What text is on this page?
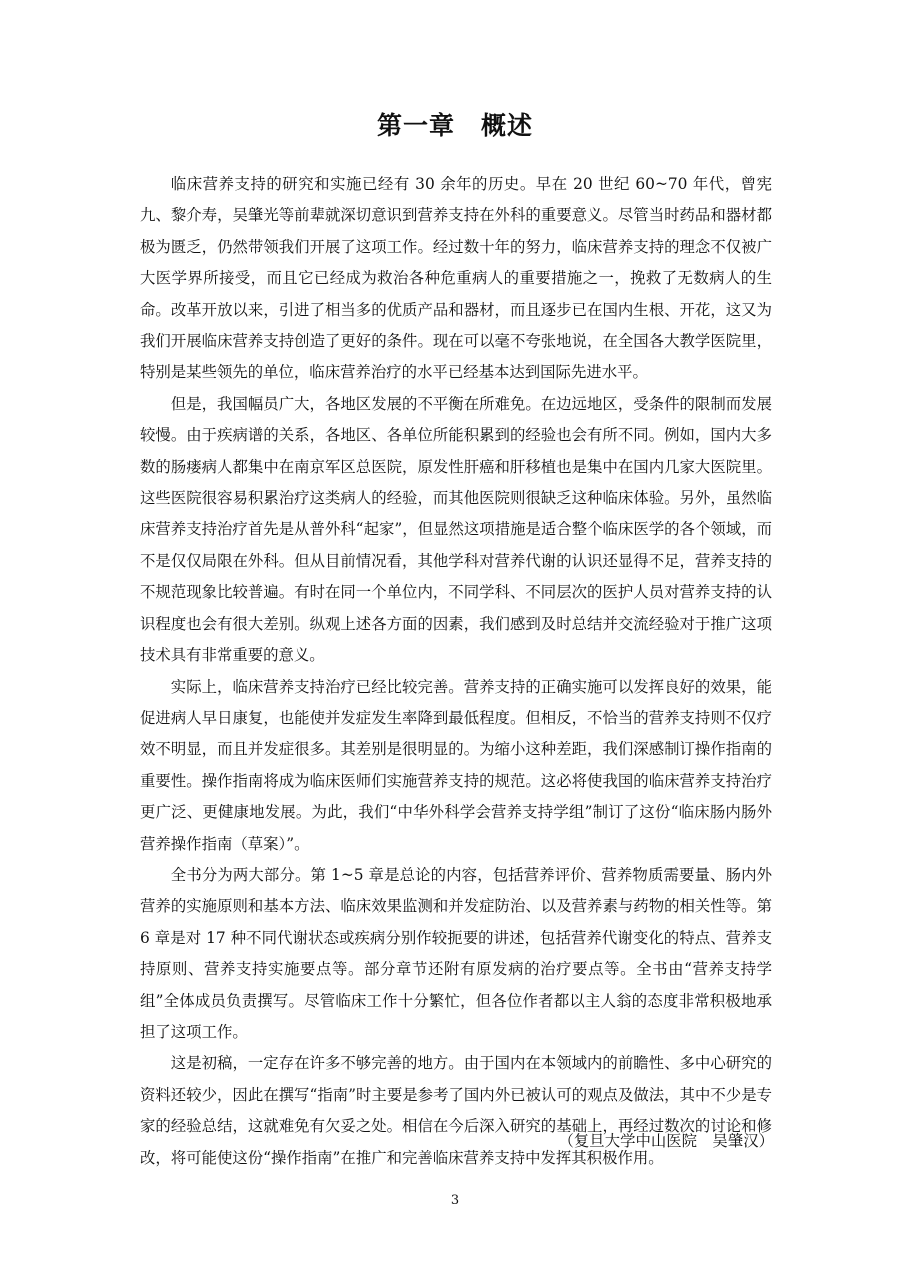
第一章　概述

临床营养支持的研究和实施已经有 30 余年的历史。早在 20 世纪 60~70 年代，曾宪九、黎介寿，吴肇光等前辈就深切意识到营养支持在外科的重要意义。尽管当时药品和器材都极为匮乏，仍然带领我们开展了这项工作。经过数十年的努力，临床营养支持的理念不仅被广大医学界所接受，而且它已经成为救治各种危重病人的重要措施之一，挽救了无数病人的生命。改革开放以来，引进了相当多的优质产品和器材，而且逐步已在国内生根、开花，这又为我们开展临床营养支持创造了更好的条件。现在可以毫不夸张地说，在全国各大教学医院里，特别是某些领先的单位，临床营养治疗的水平已经基本达到国际先进水平。

但是，我国幅员广大，各地区发展的不平衡在所难免。在边远地区，受条件的限制而发展较慢。由于疾病谱的关系，各地区、各单位所能积累到的经验也会有所不同。例如，国内大多数的肠瘘病人都集中在南京军区总医院，原发性肝癌和肝移植也是集中在国内几家大医院里。这些医院很容易积累治疗这类病人的经验，而其他医院则很缺乏这种临床体验。另外，虽然临床营养支持治疗首先是从普外科“起家”，但显然这项措施是适合整个临床医学的各个领域，而不是仅仅局限在外科。但从目前情况看，其他学科对营养代谢的认识还显得不足，营养支持的不规范现象比较普遍。有时在同一个单位内，不同学科、不同层次的医护人员对营养支持的认识程度也会有很大差别。纵观上述各方面的因素，我们感到及时总结并交流经验对于推广这项技术具有非常重要的意义。

实际上，临床营养支持治疗已经比较完善。营养支持的正确实施可以发挥良好的效果，能促进病人早日康复，也能使并发症发生率降到最低程度。但相反，不恰当的营养支持则不仅疗效不明显，而且并发症很多。其差别是很明显的。为缩小这种差距，我们深感制订操作指南的重要性。操作指南将成为临床医师们实施营养支持的规范。这必将使我国的临床营养支持治疗更广泛、更健康地发展。为此，我们“中华外科学会营养支持学组”制订了这份“临床肠内肠外营养操作指南（草案）”。

全书分为两大部分。第 1~5 章是总论的内容，包括营养评价、营养物质需要量、肠内外营养的实施原则和基本方法、临床效果监测和并发症防治、以及营养素与药物的相关性等。第 6 章是对 17 种不同代谢状态或疾病分别作较扼要的讲述，包括营养代谢变化的特点、营养支持原则、营养支持实施要点等。部分章节还附有原发病的治疗要点等。全书由“营养支持学组”全体成员负责撰写。尽管临床工作十分繁忙，但各位作者都以主人翁的态度非常积极地承担了这项工作。

这是初稿，一定存在许多不够完善的地方。由于国内在本领域内的前瞻性、多中心研究的资料还较少，因此在撰写“指南”时主要是参考了国内外已被认可的观点及做法，其中不少是专家的经验总结，这就难免有欠妥之处。相信在今后深入研究的基础上，再经过数次的讨论和修改，将可能使这份“操作指南”在推广和完善临床营养支持中发挥其积极作用。

（复旦大学中山医院　吴肇汉）

3
